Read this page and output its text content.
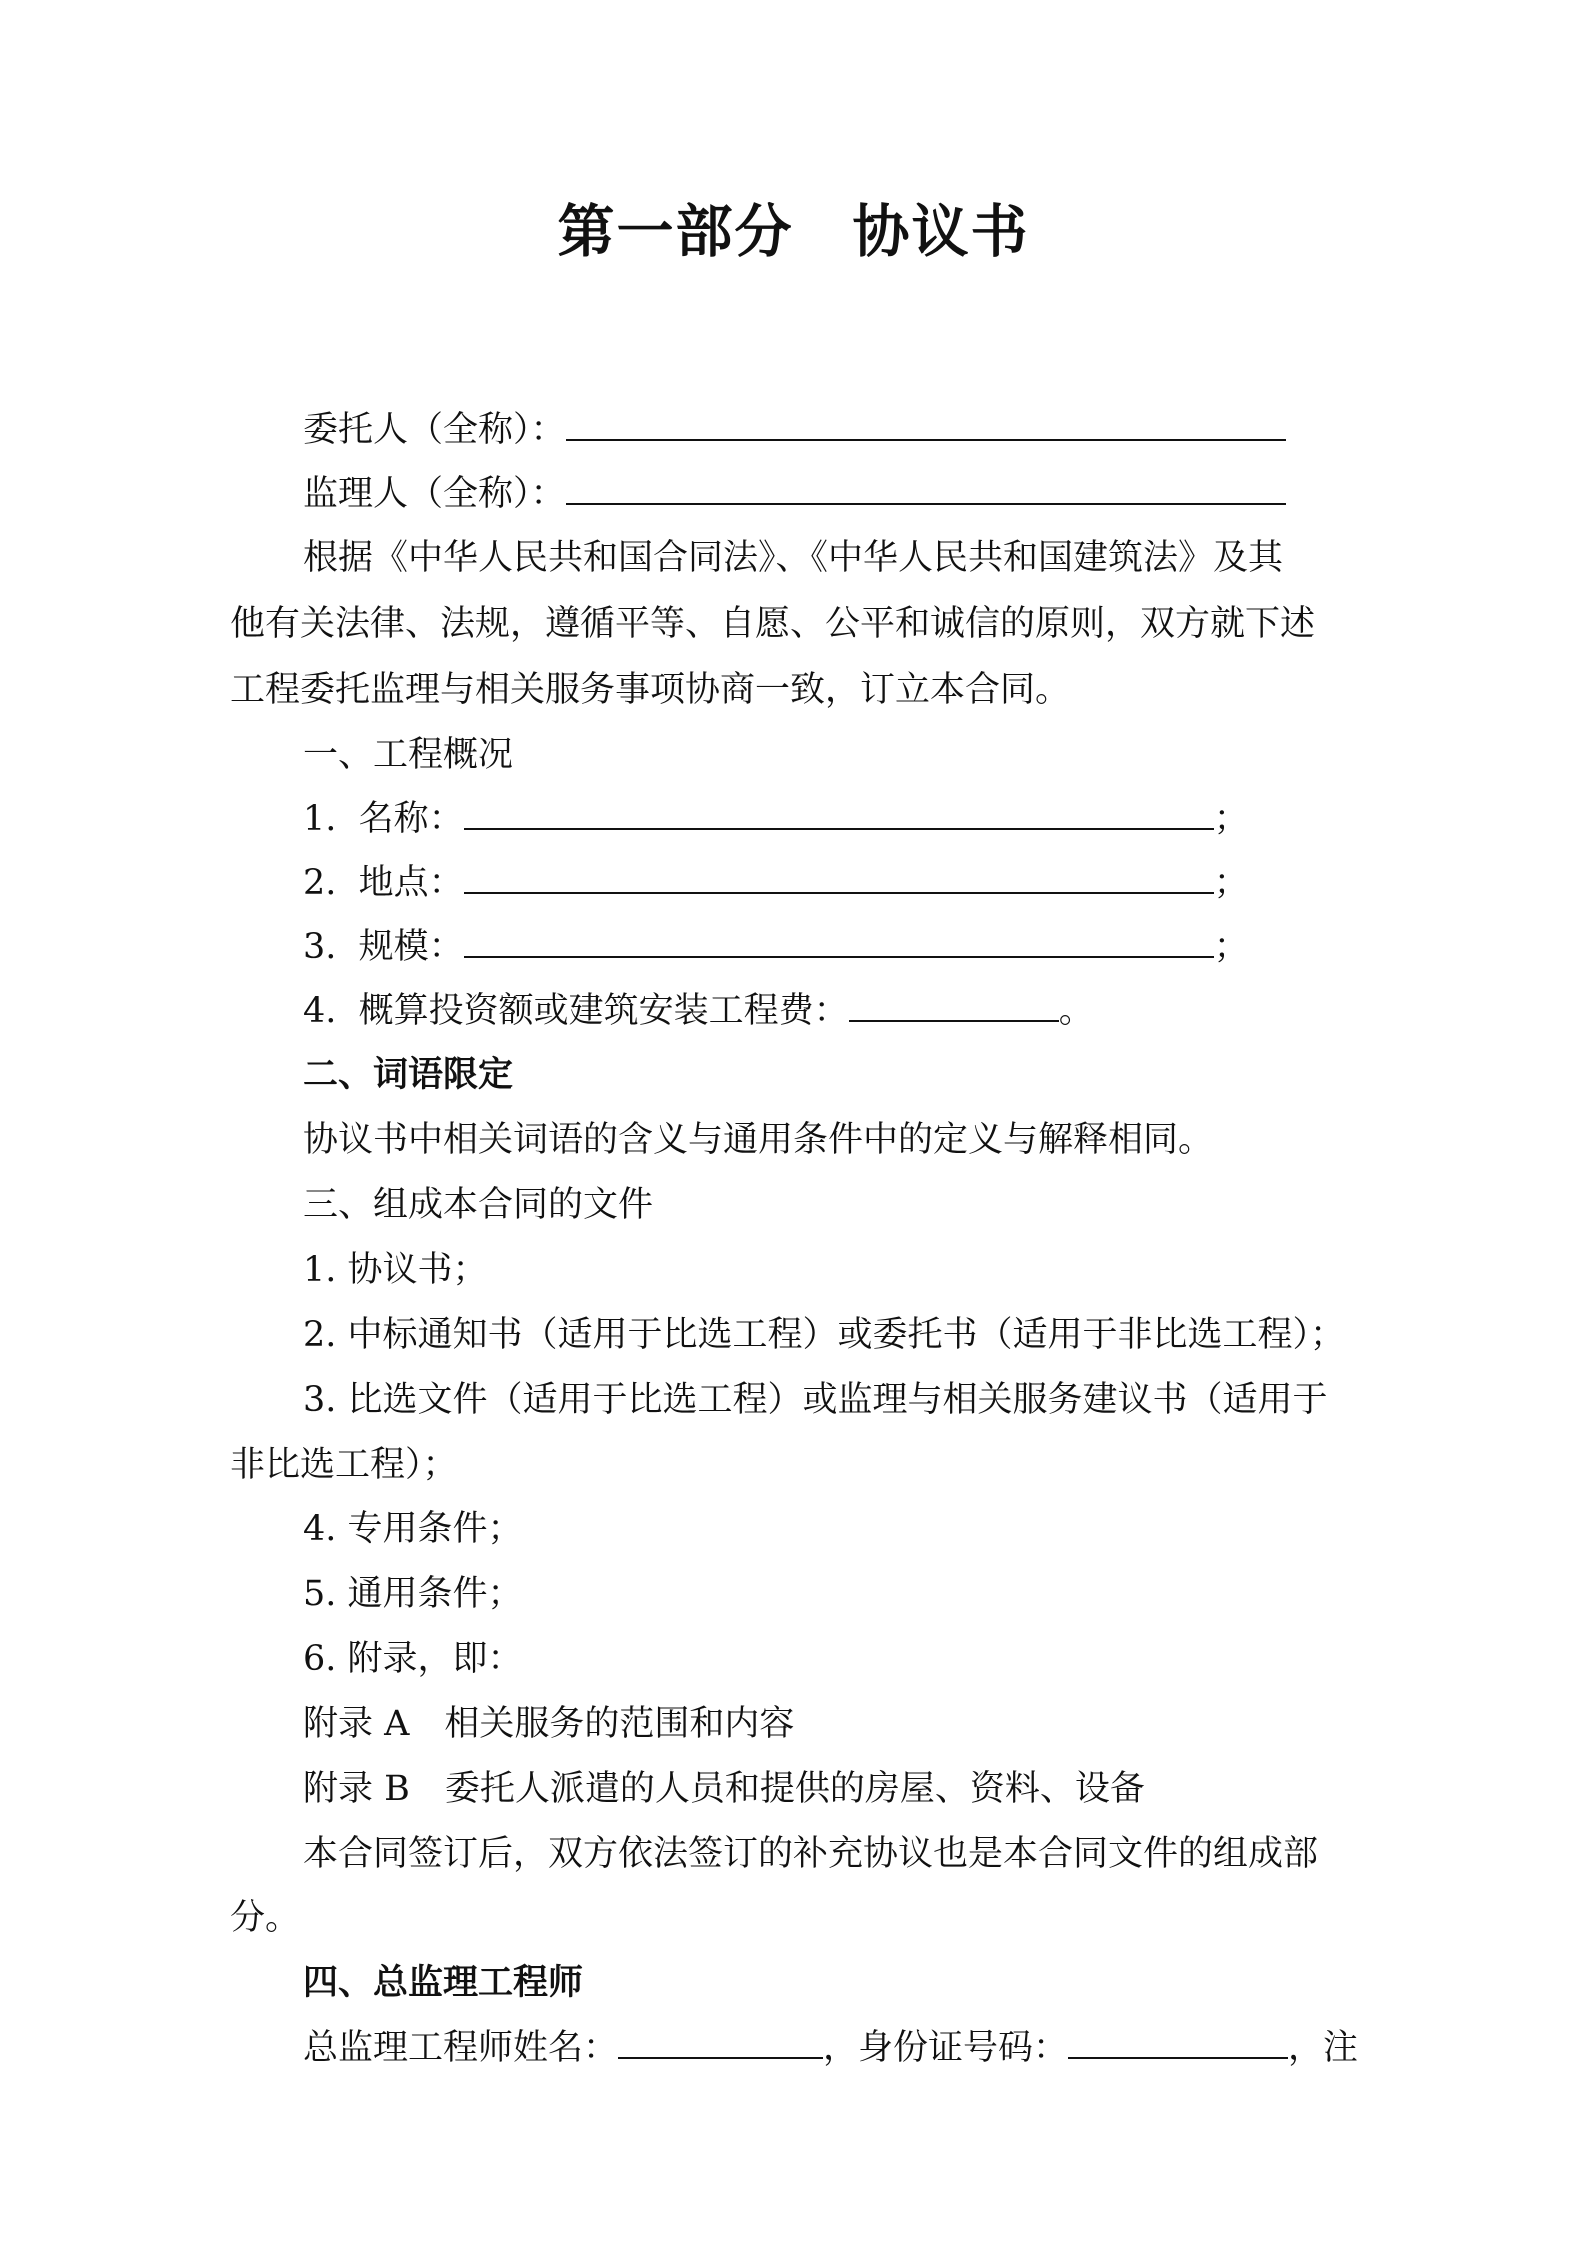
第一部分　协议书
委托人（全称）：
监理人（全称）：
根据《中华人民共和国合同法》、《中华人民共和国建筑法》及其
他有关法律、法规，遵循平等、自愿、公平和诚信的原则，双方就下述
工程委托监理与相关服务事项协商一致，订立本合同。
一、工程概况
1. 名称：	；
2. 地点：	；
3. 规模：	；
4. 概算投资额或建筑安装工程费：	。
二、词语限定
协议书中相关词语的含义与通用条件中的定义与解释相同。
三、组成本合同的文件
1. 协议书；
2. 中标通知书（适用于比选工程）或委托书（适用于非比选工程）；
3. 比选文件（适用于比选工程）或监理与相关服务建议书（适用于
非比选工程）；
4. 专用条件；
5. 通用条件；
6. 附录，即：
附录 A　相关服务的范围和内容
附录 B　委托人派遣的人员和提供的房屋、资料、设备
本合同签订后，双方依法签订的补充协议也是本合同文件的组成部
分。
四、总监理工程师
总监理工程师姓名：	，身份证号码：	，注
